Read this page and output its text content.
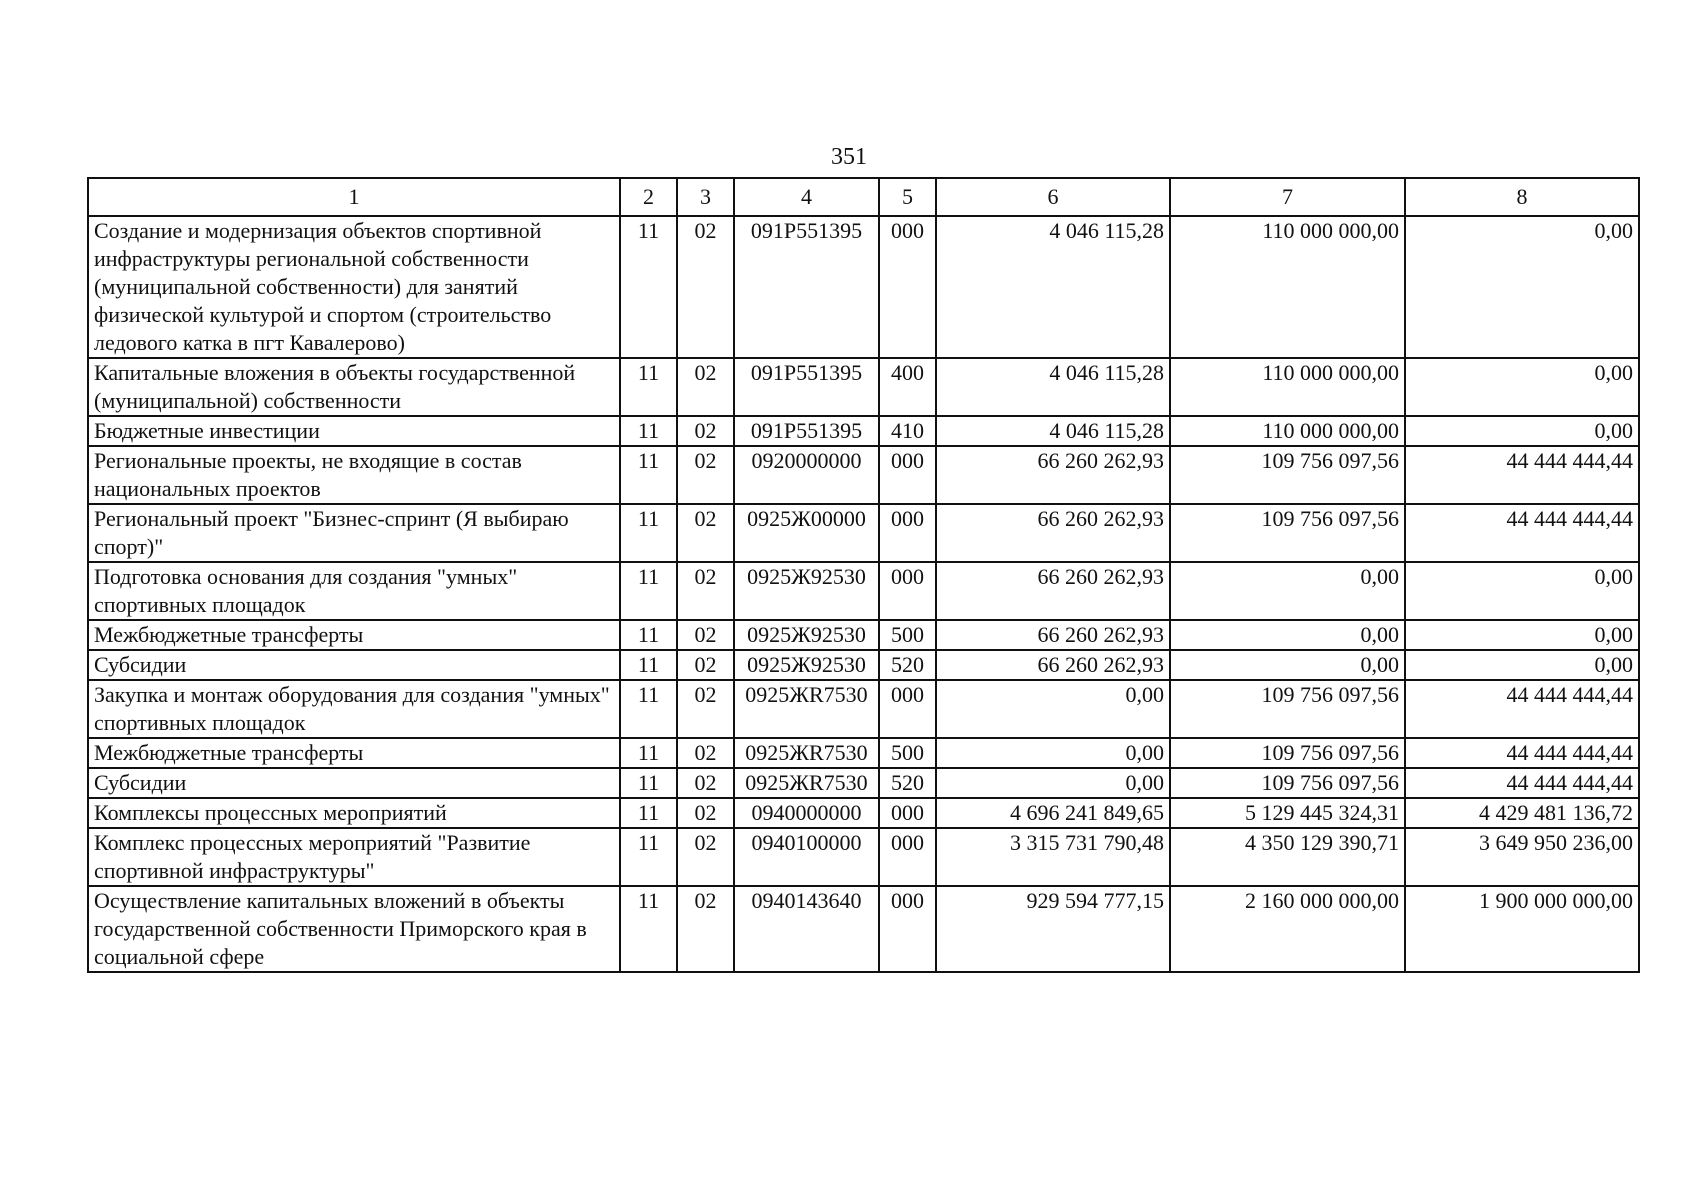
351
1	2	3	4	5	6	7	8
Создание и модернизация объектов спортивной инфраструктуры региональной собственности (муниципальной собственности) для занятий физической культурой и спортом (строительство ледового катка в пгт Кавалерово)	11	02	091P551395	000	4 046 115,28	110 000 000,00	0,00
Капитальные вложения в объекты государственной (муниципальной) собственности	11	02	091P551395	400	4 046 115,28	110 000 000,00	0,00
Бюджетные инвестиции	11	02	091P551395	410	4 046 115,28	110 000 000,00	0,00
Региональные проекты, не входящие в состав национальных проектов	11	02	0920000000	000	66 260 262,93	109 756 097,56	44 444 444,44
Региональный проект "Бизнес-спринт (Я выбираю спорт)"	11	02	0925Ж00000	000	66 260 262,93	109 756 097,56	44 444 444,44
Подготовка основания для создания "умных" спортивных площадок	11	02	0925Ж92530	000	66 260 262,93	0,00	0,00
Межбюджетные трансферты	11	02	0925Ж92530	500	66 260 262,93	0,00	0,00
Субсидии	11	02	0925Ж92530	520	66 260 262,93	0,00	0,00
Закупка и монтаж оборудования для создания "умных" спортивных площадок	11	02	0925ЖR7530	000	0,00	109 756 097,56	44 444 444,44
Межбюджетные трансферты	11	02	0925ЖR7530	500	0,00	109 756 097,56	44 444 444,44
Субсидии	11	02	0925ЖR7530	520	0,00	109 756 097,56	44 444 444,44
Комплексы процессных мероприятий	11	02	0940000000	000	4 696 241 849,65	5 129 445 324,31	4 429 481 136,72
Комплекс процессных мероприятий "Развитие спортивной инфраструктуры"	11	02	0940100000	000	3 315 731 790,48	4 350 129 390,71	3 649 950 236,00
Осуществление капитальных вложений в объекты государственной собственности Приморского края в социальной сфере	11	02	0940143640	000	929 594 777,15	2 160 000 000,00	1 900 000 000,00
